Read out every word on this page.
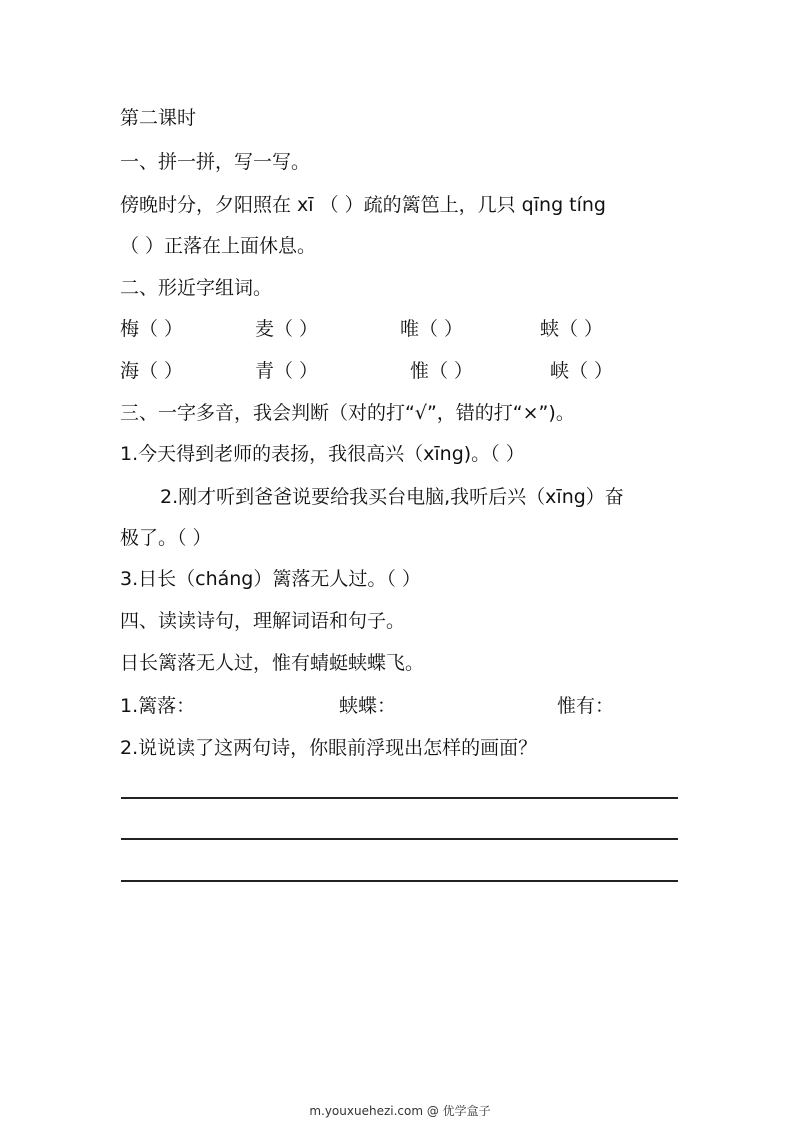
第二课时
一、拼一拼，写一写。
傍晚时分，夕阳照在 xī （ ）疏的篱笆上，几只 qīng tíng
（ ）正落在上面休息。
二、形近字组词。
梅（ ）	麦（ ）	唯（ ）	蛱（ ）
海（ ）	青（ ）	惟（ ）	峡（ ）
三、一字多音，我会判断（对的打“√”，错的打“×”)。
1.今天得到老师的表扬，我很高兴（xīng)。（ ）
2.刚才听到爸爸说要给我买台电脑,我听后兴（xīng）奋
极了。（ ）
3.日长（cháng）篱落无人过。（ ）
四、读读诗句，理解词语和句子。
日长篱落无人过，惟有蜻蜓蛱蝶飞。
1.篱落：	蛱蝶：	惟有：
2.说说读了这两句诗，你眼前浮现出怎样的画面？
m.youxuehezi.com @ 优学盒子
